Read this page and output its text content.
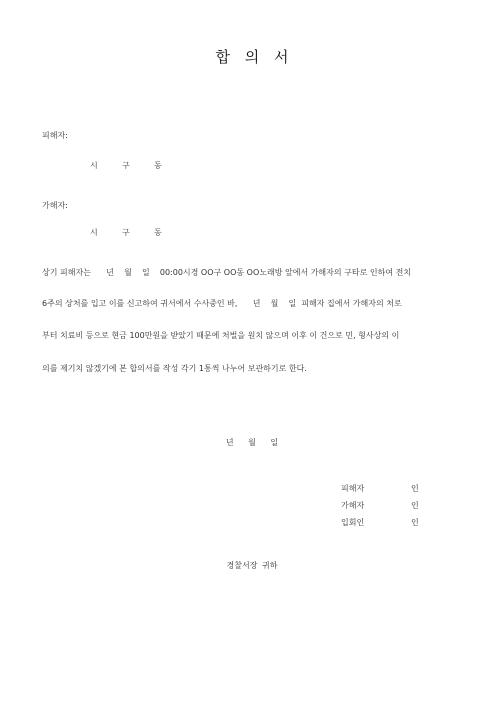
합 의 서
피해자:
시	구	동
가해자:
시	구	동
상기 피해자는      년    월    일    00:00시경 OO구 OO동 OO노래방 앞에서 가해자의 구타로 인하여 전치
6주의 상처를 입고 이를 신고하여 귀서에서 수사중인 바,      년    월    일  피해자 집에서 가해자의 처로
부터 치료비 등으로 현금 100만원을 받았기 때문에 처벌을 원치 않으며 이후 이 건으로 민, 형사상의 이
의를 제기치 않겠기에 본 합의서를 작성 각기 1통씩 나누어 보관하기로 한다.
년 월 일
피해자	인
가해자	인
입회인	인
경찰서장 귀하
